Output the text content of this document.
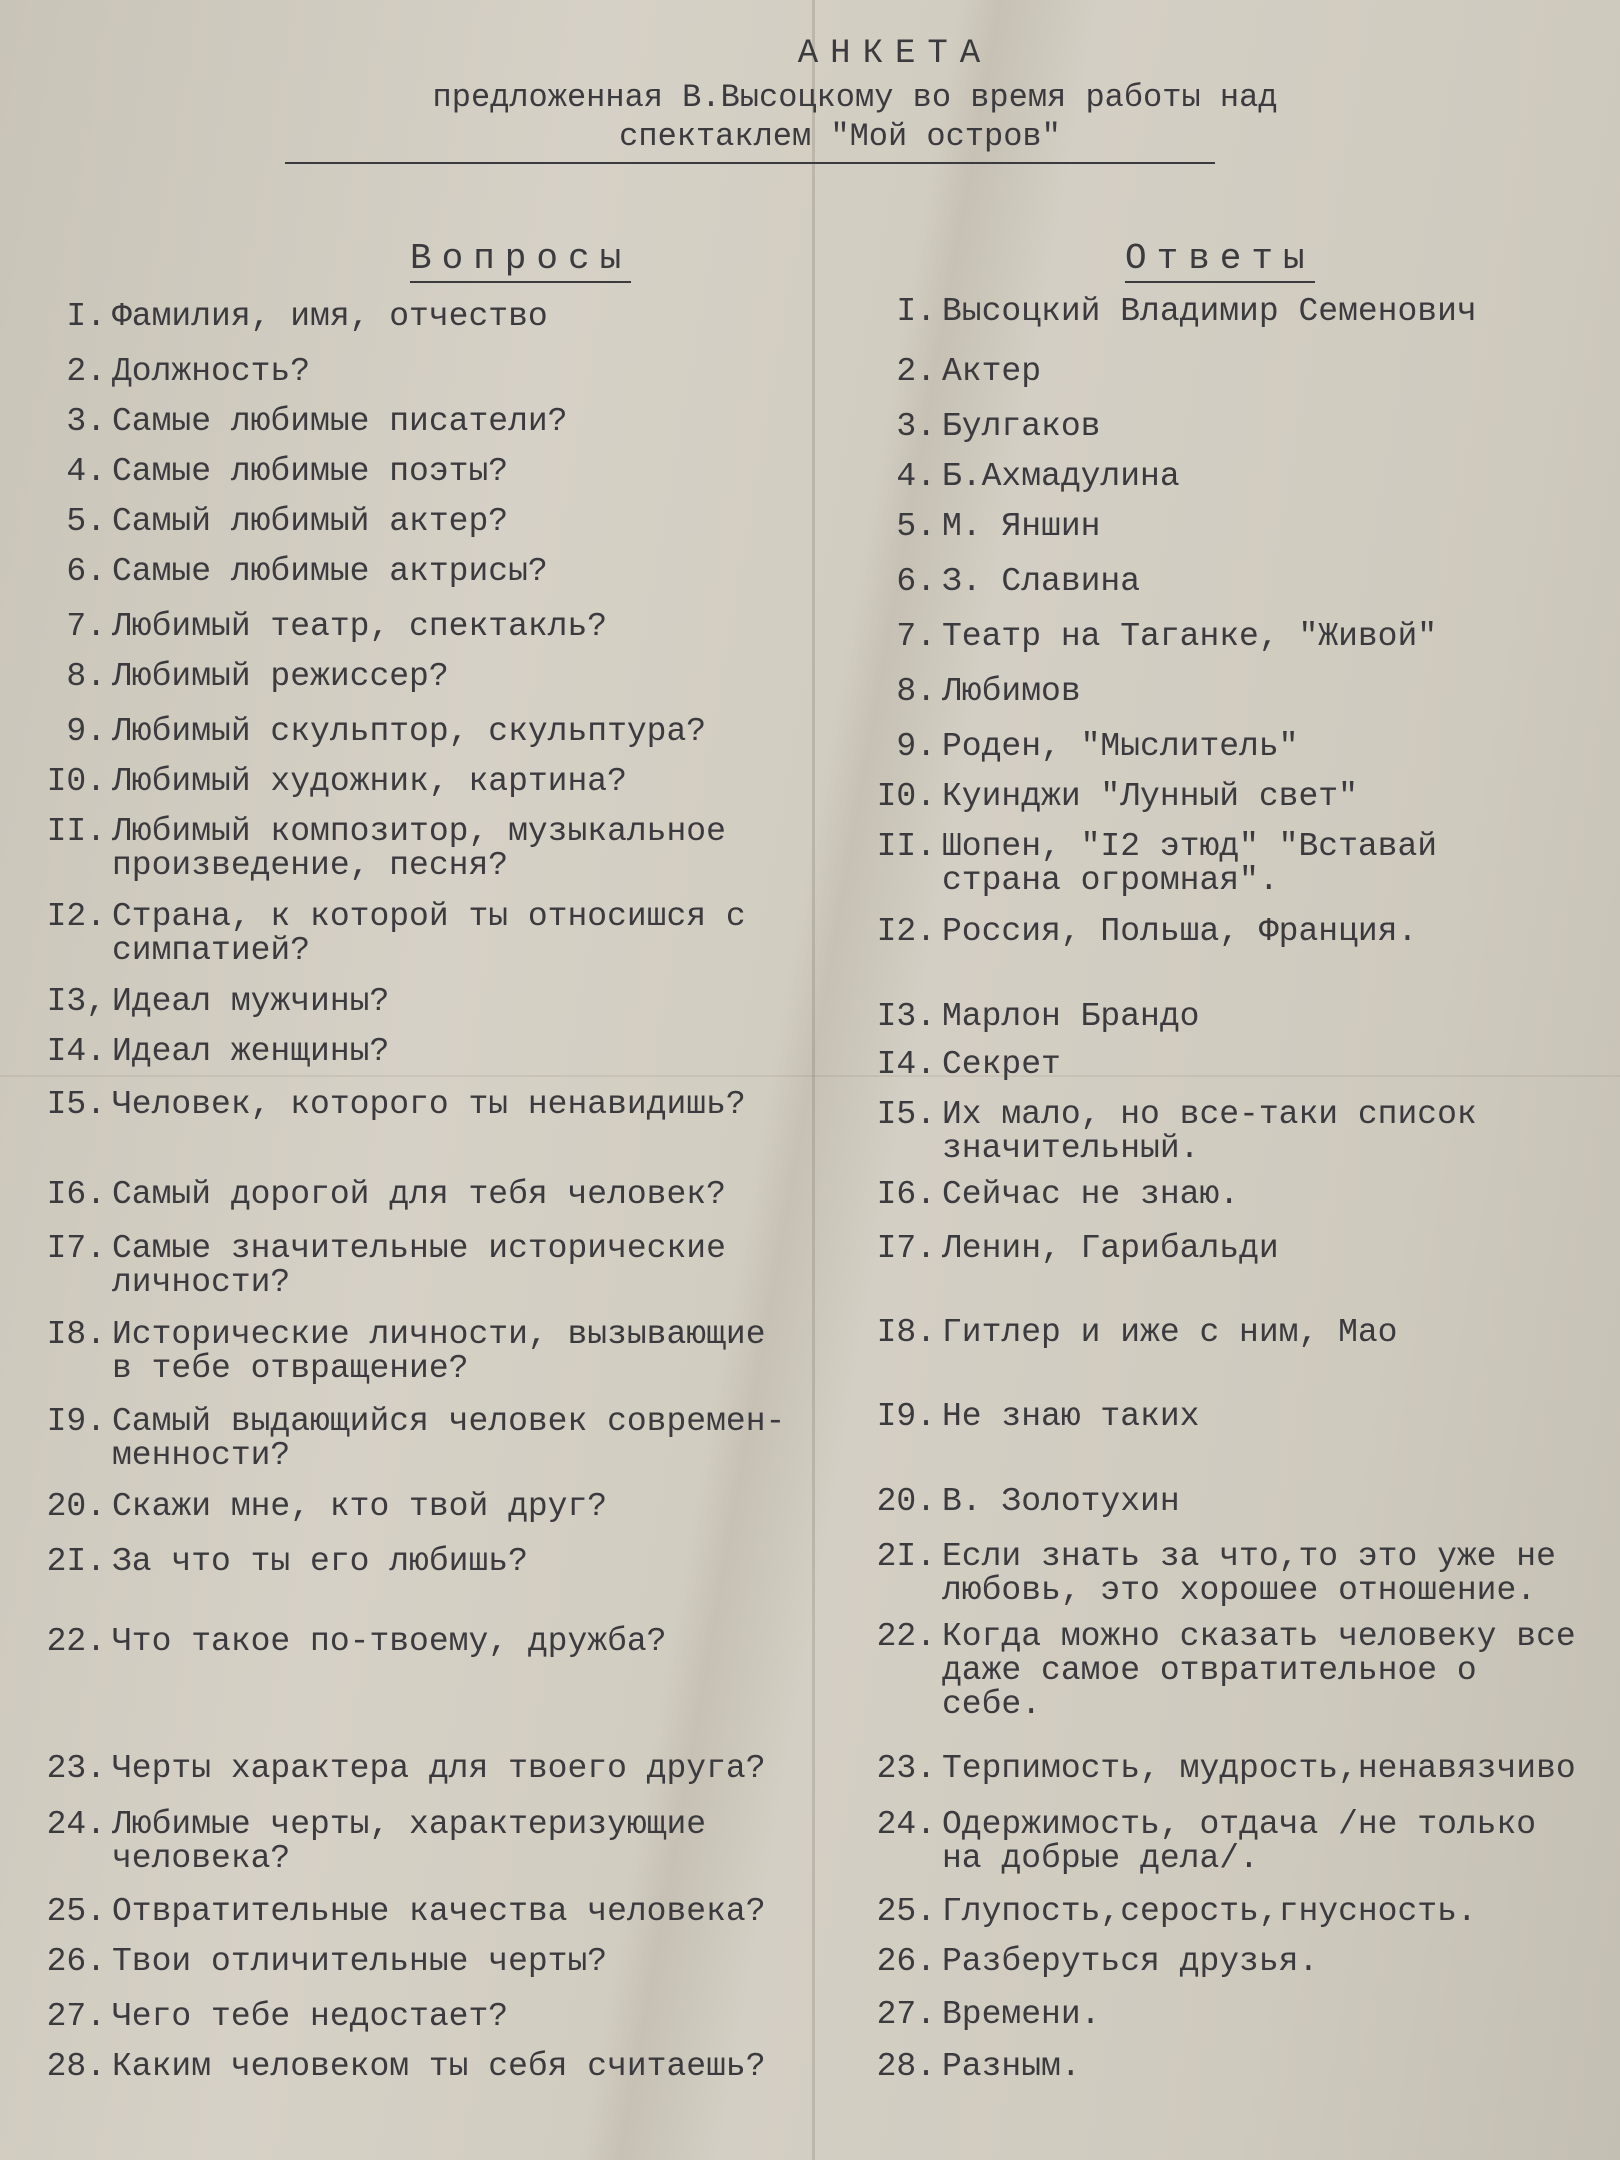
АНКЕТА
предложенная В.Высоцкому во время работы над
спектаклем "Мой остров"
Вопросы	Ответы
I. Фамилия, имя, отчество
2. Должность?
3. Самые любимые писатели?
4. Самые любимые поэты?
5. Самый любимый актер?
6. Самые любимые актрисы?
7. Любимый театр, спектакль?
8. Любимый режиссер?
9. Любимый скульптор, скульптура?
I0. Любимый художник, картина?
II. Любимый композитор, музыкальное
произведение, песня?
I2. Страна, к которой ты относишся с
симпатией?
I3, Идеал мужчины?
I4. Идеал женщины?
I5. Человек, которого ты ненавидишь?
I6. Самый дорогой для тебя человек?
I7. Самые значительные исторические
личности?
I8. Исторические личности, вызывающие
в тебе отвращение?
I9. Самый выдающийся человек современ-
менности?
20. Скажи мне, кто твой друг?
2I. За что ты его любишь?
22. Что такое по-твоему, дружба?
23. Черты характера для твоего друга?
24. Любимые черты, характеризующие
человека?
25. Отвратительные качества человека?
26. Твои отличительные черты?
27. Чего тебе недостает?
28. Каким человеком ты себя считаешь?
I. Высоцкий Владимир Семенович
2. Актер
3. Булгаков
4. Б.Ахмадулина
5. М. Яншин
6. З. Славина
7. Театр на Таганке, "Живой"
8. Любимов
9. Роден, "Мыслитель"
I0. Куинджи "Лунный свет"
II. Шопен, "I2 этюд" "Вставай
страна огромная".
I2. Россия, Польша, Франция.
I3. Марлон Брандо
I4. Секрет
I5. Их мало, но все-таки список
значительный.
I6. Сейчас не знаю.
I7. Ленин, Гарибальди
I8. Гитлер и иже с ним, Мао
I9. Не знаю таких
20. В. Золотухин
2I. Если знать за что,то это уже не
любовь, это хорошее отношение.
22. Когда можно сказать человеку все
даже самое отвратительное о
себе.
23. Терпимость, мудрость,ненавязчиво
24. Одержимость, отдача /не только
на добрые дела/.
25. Глупость,серость,гнусность.
26. Разберуться друзья.
27. Времени.
28. Разным.
